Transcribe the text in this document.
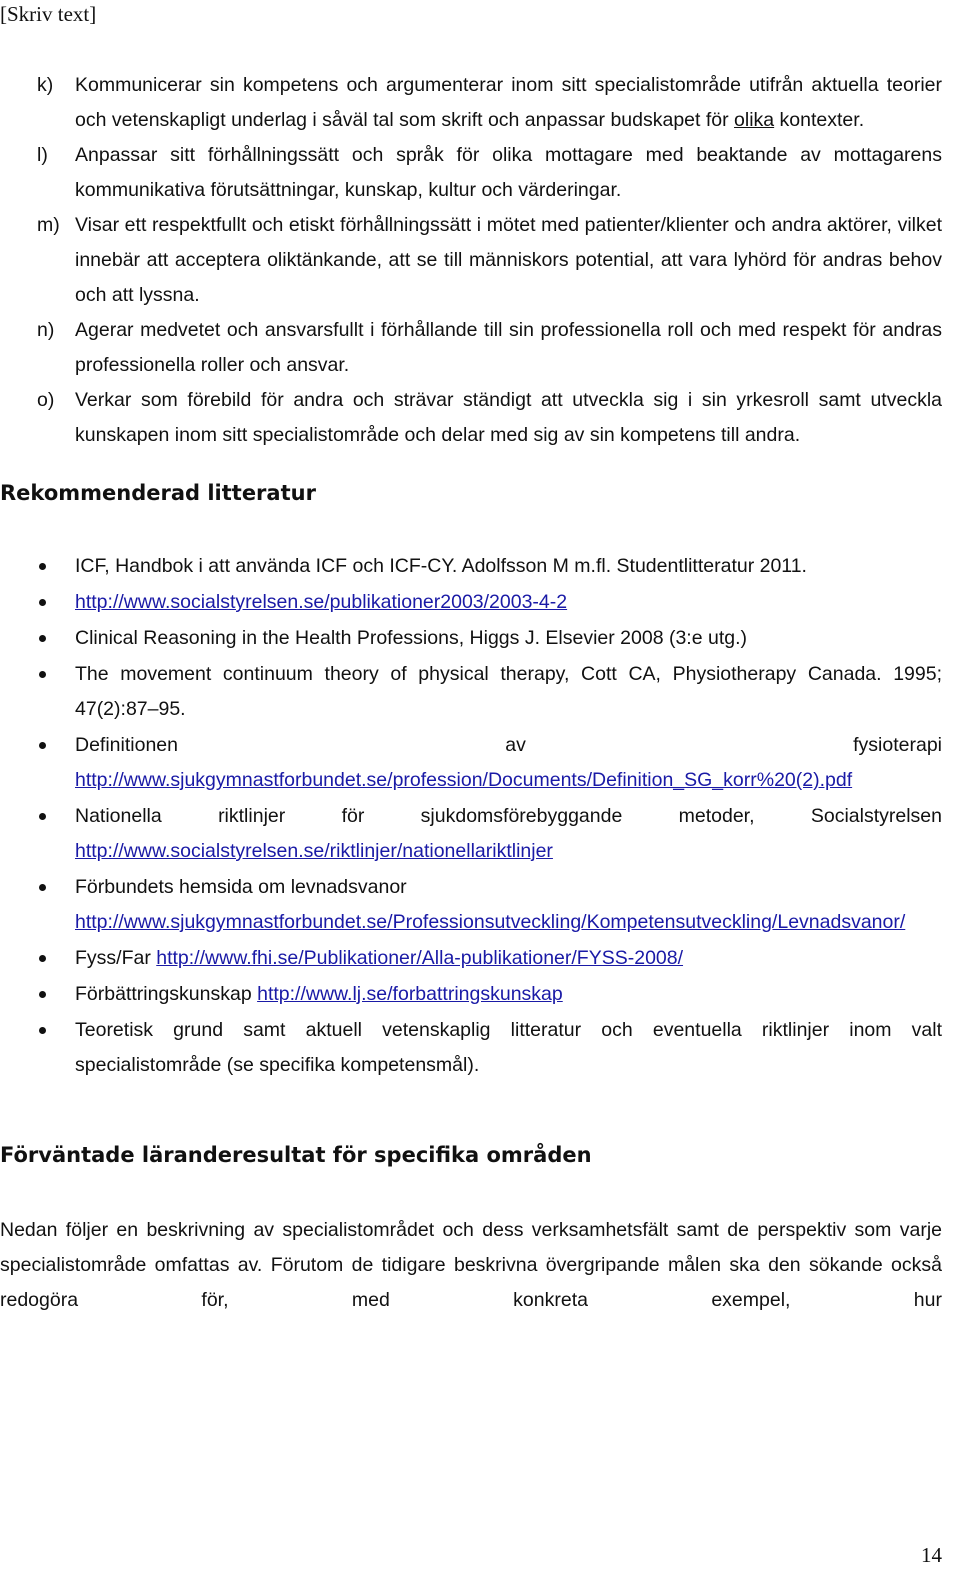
[Skriv text]
k) Kommunicerar sin kompetens och argumenterar inom sitt specialistområde utifrån aktuella teorier och vetenskapligt underlag i såväl tal som skrift och anpassar budskapet för olika kontexter.
l) Anpassar sitt förhållningssätt och språk för olika mottagare med beaktande av mottagarens kommunikativa förutsättningar, kunskap, kultur och värderingar.
m) Visar ett respektfullt och etiskt förhållningssätt i mötet med patienter/klienter och andra aktörer, vilket innebär att acceptera oliktänkande, att se till människors potential, att vara lyhörd för andras behov och att lyssna.
n) Agerar medvetet och ansvarsfullt i förhållande till sin professionella roll och med respekt för andras professionella roller och ansvar.
o) Verkar som förebild för andra och strävar ständigt att utveckla sig i sin yrkesroll samt utveckla kunskapen inom sitt specialistområde och delar med sig av sin kompetens till andra.
Rekommenderad litteratur
ICF, Handbok i att använda ICF och ICF-CY. Adolfsson M m.fl. Studentlitteratur 2011.
http://www.socialstyrelsen.se/publikationer2003/2003-4-2
Clinical Reasoning in the Health Professions, Higgs J. Elsevier 2008 (3:e utg.)
The movement continuum theory of physical therapy, Cott CA, Physiotherapy Canada. 1995; 47(2):87–95.
Definitionen	av	fysioterapi
http://www.sjukgymnastforbundet.se/profession/Documents/Definition_SG_korr%20(2).pdf
Nationella	riktlinjer	för	sjukdomsförebyggande	metoder,	Socialstyrelsen
http://www.socialstyrelsen.se/riktlinjer/nationellariktlinjer
Förbundets hemsida om levnadsvanor
http://www.sjukgymnastforbundet.se/Professionsutveckling/Kompetensutveckling/Levnadsvanor/
Fyss/Far http://www.fhi.se/Publikationer/Alla-publikationer/FYSS-2008/
Förbättringskunskap http://www.lj.se/forbattringskunskap
Teoretisk grund samt aktuell vetenskaplig litteratur och eventuella riktlinjer inom valt specialistområde (se specifika kompetensmål).
Förväntade läranderesultat för specifika områden
Nedan följer en beskrivning av specialistområdet och dess verksamhetsfält samt de perspektiv som varje specialistområde omfattas av. Förutom de tidigare beskrivna övergripande målen ska den sökande också redogöra för, med konkreta exempel, hur
14
